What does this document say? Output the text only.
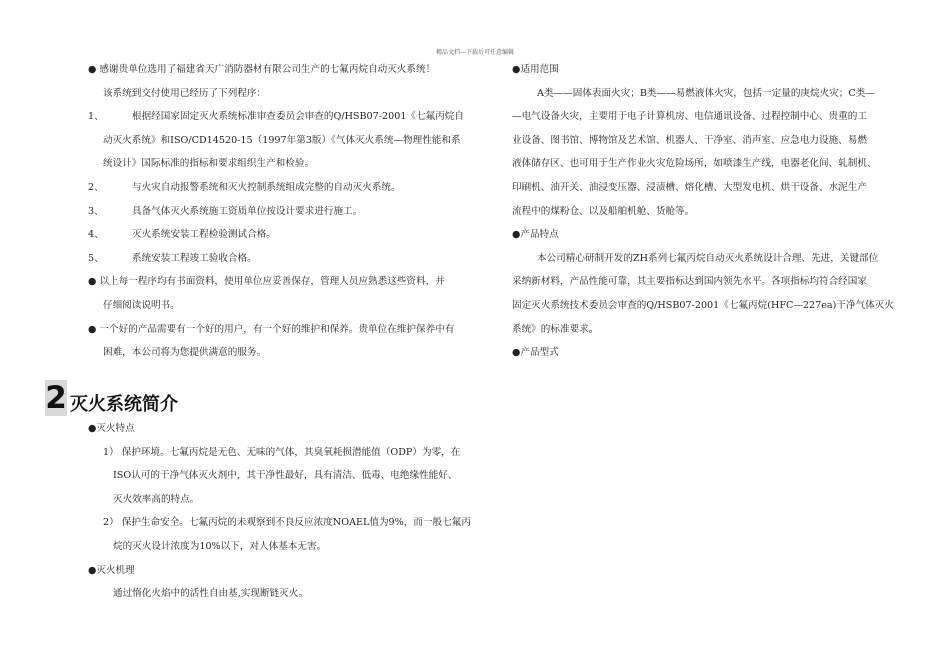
精品文档---下载后可任意编辑

● 感谢贵单位选用了福建省天广消防器材有限公司生产的七氟丙烷自动灭火系统！

该系统到交付使用已经历了下列程序：

1、	根据经国家固定灭火系统标准审查委员会审查的Q/HSB07-2001《七氟丙烷自

动灭火系统》和ISO/CD14520-15（1997年第3版）《气体灭火系统—物理性能和系

统设计》国际标准的指标和要求组织生产和检验。

2、	与火灾自动报警系统和灭火控制系统组成完整的自动灭火系统。

3、	具备气体灭火系统施工资质单位按设计要求进行施工。

4、	灭火系统安装工程检验测试合格。

5、	系统安装工程竣工验收合格。

● 以上每一程序均有书面资料，使用单位应妥善保存，管理人员应熟悉这些资料，并

仔细阅读说明书。

● 一个好的产品需要有一个好的用户，有一个好的维护和保养。贵单位在维护保养中有

困难，本公司将为您提供满意的服务。

2 灭火系统简介

●灭火特点

1） 保护环境。七氟丙烷是无色、无味的气体，其臭氧耗损潜能值（ODP）为零，在

ISO认可的干净气体灭火剂中，其干净性最好，具有清洁、低毒、电绝缘性能好、

灭火效率高的特点。

2） 保护生命安全。七氟丙烷的未观察到不良反应浓度NOAEL值为9%，而一般七氟丙

烷的灭火设计浓度为10%以下，对人体基本无害。

●灭火机理

通过惰化火焰中的活性自由基,实现断链灭火。

●适用范围

A类——固体表面火灾；B类——易燃液体火灾，包括一定量的庚烷火灾；C类—

—电气设备火灾，主要用于电子计算机房、电信通讯设备、过程控制中心、贵重的工

业设备、图书馆、博物馆及艺术馆、机器人、干净室、消声室、应急电力设施、易燃

液体储存区、也可用于生产作业火灾危险场所，如喷漆生产线，电器老化间、轧制机、

印刷机、油开关、油浸变压器、浸渍槽、熔化槽、大型发电机、烘干设备、水泥生产

流程中的煤粉仓、以及船舶机舱、货舱等。

●产品特点

本公司精心研制开发的ZH系列七氟丙烷自动灭火系统设计合理、先进，关键部位

采纳新材料，产品性能可靠，其主要指标达到国内领先水平。各项指标均符合经国家

固定灭火系统技术委员会审查的Q/HSB07-2001《七氟丙烷(HFC—227ea)干净气体灭火

系统》的标准要求。

●产品型式
